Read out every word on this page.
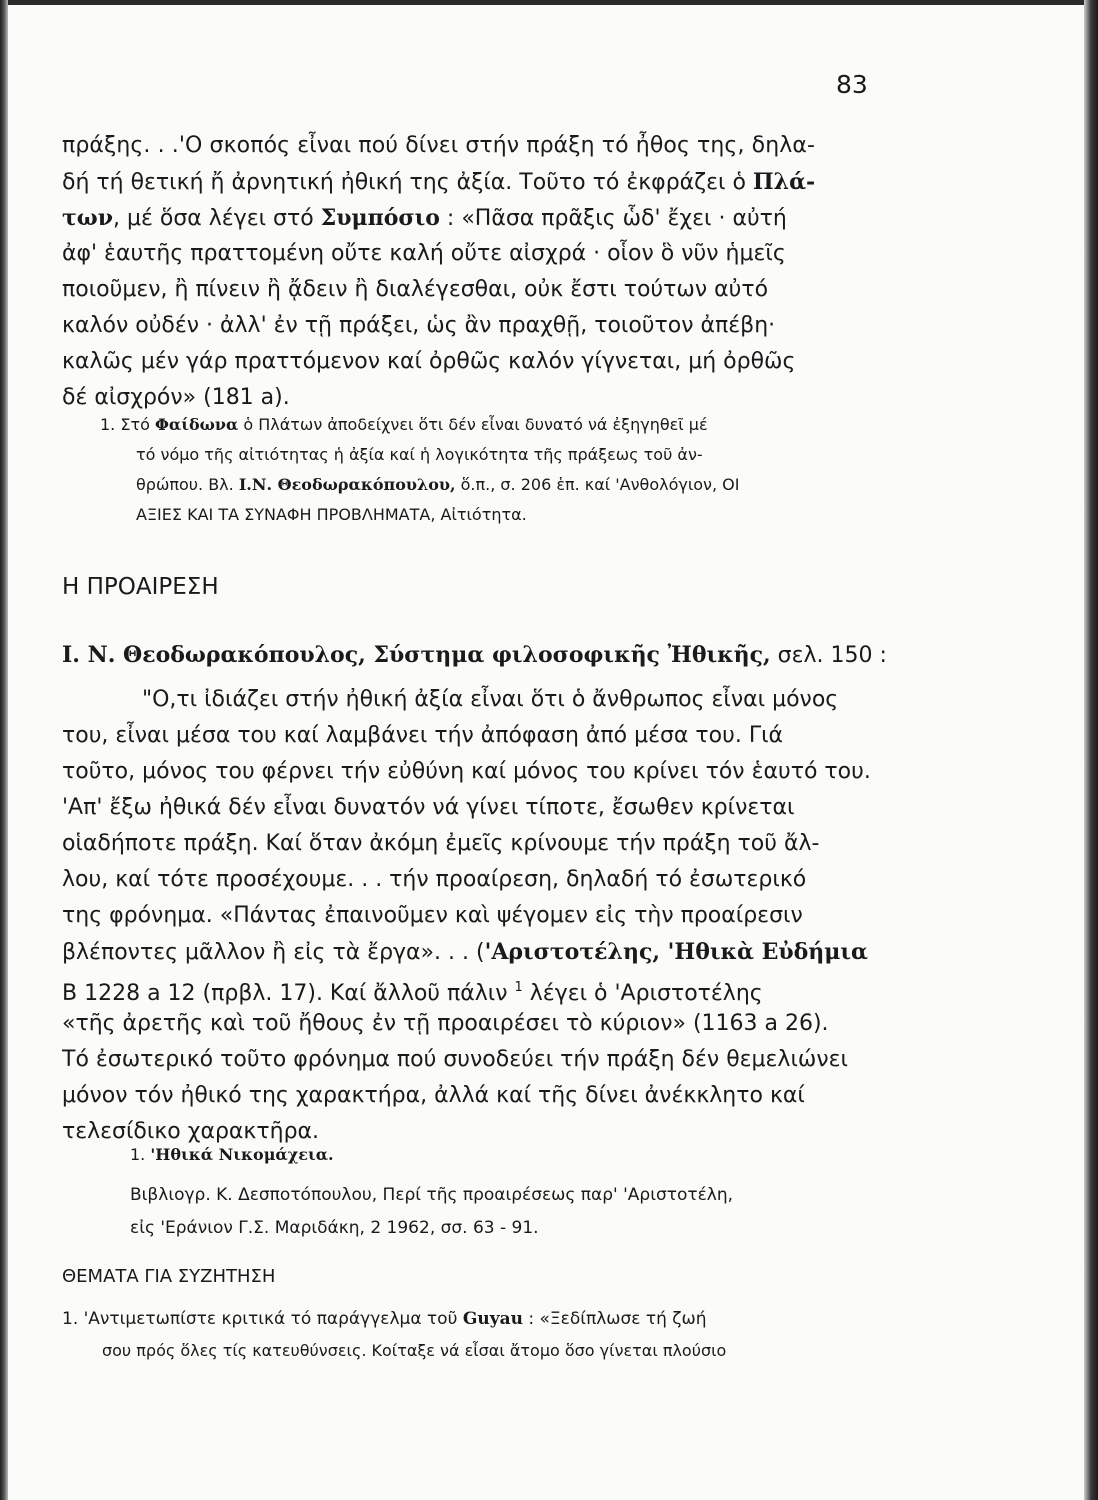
83
πράξης. . .'Ο σκοπός εἶναι πού δίνει στήν πράξη τό ἦθος της, δηλα-
δή τή θετική ἤ ἀρνητική ἠθική της ἀξία. Τοῦτο τό ἐκφράζει ὁ Πλά-
των, μέ ὅσα λέγει στό Συμπόσιο : «Πᾶσα πρᾶξις ὧδ' ἔχει · αὐτή
ἀφ' ἑαυτῆς πραττομένη οὔτε καλή οὔτε αἰσχρά · οἷον ὃ νῦν ἡμεῖς
ποιοῦμεν, ἢ πίνειν ἢ ᾄδειν ἢ διαλέγεσθαι, οὐκ ἔστι τούτων αὐτό
καλόν οὐδέν · ἀλλ' ἐν τῇ πράξει, ὡς ἂν πραχθῇ, τοιοῦτον ἀπέβη·
καλῶς μέν γάρ πραττόμενον καί ὀρθῶς καλόν γίγνεται, μή ὀρθῶς
δέ αἰσχρόν» (181 a).
1. Στό Φαίδωνα ὁ Πλάτων ἀποδείχνει ὅτι δέν εἶναι δυνατό νά ἐξηγηθεῖ μέ
τό νόμο τῆς αἰτιότητας ἡ ἀξία καί ἡ λογικότητα τῆς πράξεως τοῦ ἀν-
θρώπου. Βλ. Ι.Ν. Θεοδωρακόπουλου, ὅ.π., σ. 206 ἑπ. καί 'Ανθολόγιον, ΟΙ
ΑΞΙΕΣ ΚΑΙ ΤΑ ΣΥΝΑΦΗ ΠΡΟΒΛΗΜΑΤΑ, Αἰτιότητα.
Η ΠΡΟΑΙΡΕΣΗ
Ι. Ν. Θεοδωρακόπουλος, Σύστημα φιλοσοφικῆς Ἠθικῆς, σελ. 150 :
"Ο,τι ἰδιάζει στήν ἠθική ἀξία εἶναι ὅτι ὁ ἄνθρωπος εἶναι μόνος
του, εἶναι μέσα του καί λαμβάνει τήν ἀπόφαση ἀπό μέσα του. Γιά
τοῦτο, μόνος του φέρνει τήν εὐθύνη καί μόνος του κρίνει τόν ἑαυτό του.
'Απ' ἔξω ἠθικά δέν εἶναι δυνατόν νά γίνει τίποτε, ἔσωθεν κρίνεται
οἱαδήποτε πράξη. Καί ὅταν ἀκόμη ἐμεῖς κρίνουμε τήν πράξη τοῦ ἄλ-
λου, καί τότε προσέχουμε. . . τήν προαίρεση, δηλαδή τό ἐσωτερικό
της φρόνημα. «Πάντας ἐπαινοῦμεν καὶ ψέγομεν εἰς τὴν προαίρεσιν
βλέποντες μᾶλλον ἢ εἰς τὰ ἔργα». . . ('Αριστοτέλης, 'Ηθικὰ Εὐδήμια
Β 1228 a 12 (πρβλ. 17). Καί ἄλλοῦ πάλιν $^1$ λέγει ὁ 'Αριστοτέλης
«τῆς ἀρετῆς καὶ τοῦ ἤθους ἐν τῇ προαιρέσει τὸ κύριον» (1163 a 26).
Τό ἐσωτερικό τοῦτο φρόνημα πού συνοδεύει τήν πράξη δέν θεμελιώνει
μόνον τόν ἠθικό της χαρακτήρα, ἀλλά καί τῆς δίνει ἀνέκκλητο καί
τελεσίδικο χαρακτῆρα.
1. 'Ηθικά Νικομάχεια.
Βιβλιογρ. Κ. Δεσποτόπουλου, Περί τῆς προαιρέσεως παρ' 'Αριστοτέλη,
εἰς 'Εράνιον Γ.Σ. Μαριδάκη, 2 1962, σσ. 63 - 91.
ΘΕΜΑΤΑ ΓΙΑ ΣΥΖΗΤΗΣΗ
1. 'Αντιμετωπίστε κριτικά τό παράγγελμα τοῦ Guyau : «Ξεδίπλωσε τή ζωή
σου πρός ὅλες τίς κατευθύνσεις. Κοίταξε νά εἶσαι ἄτομο ὅσο γίνεται πλούσιο
